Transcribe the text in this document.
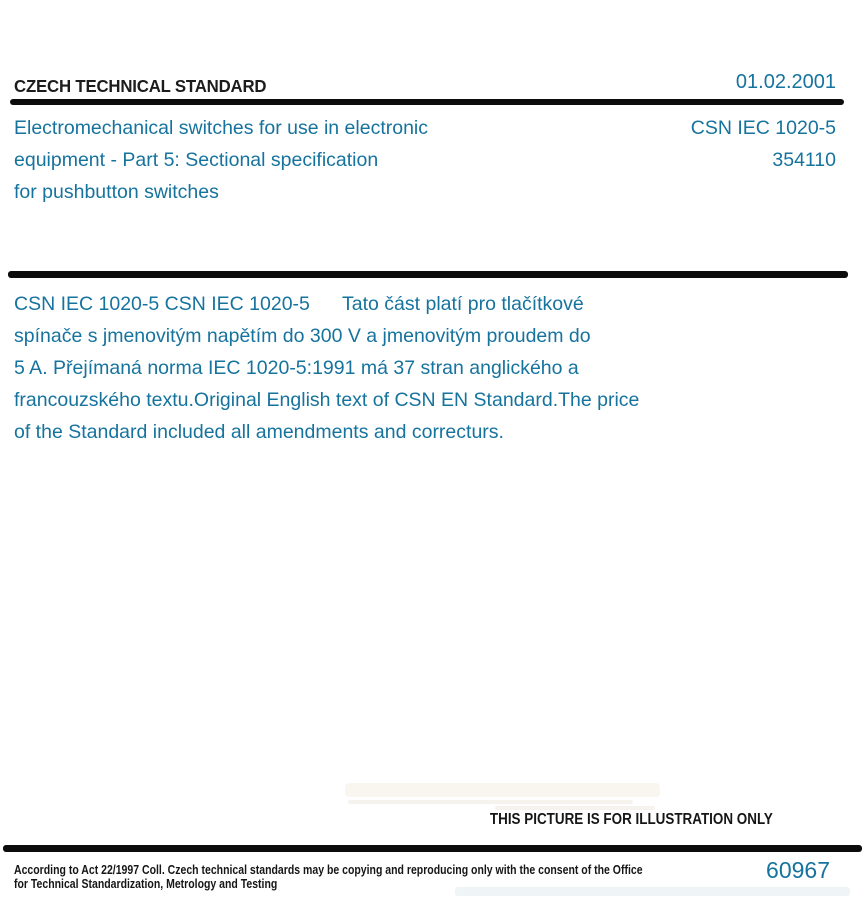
CZECH TECHNICAL STANDARD	01.02.2001
Electromechanical switches for use in electronic
equipment - Part 5: Sectional specification
for pushbutton switches
CSN IEC 1020-5
354110
CSN IEC 1020-5 CSN IEC 1020-5      Tato část platí pro tlačítkové
spínače s jmenovitým napětím do 300 V a jmenovitým proudem do
5 A. Přejímaná norma IEC 1020-5:1991 má 37 stran anglického a
francouzského textu.Original English text of CSN EN Standard.The price
of the Standard included all amendments and correcturs.
THIS PICTURE IS FOR ILLUSTRATION ONLY
According to Act 22/1997 Coll. Czech technical standards may be copying and reproducing only with the consent of the Office
for Technical Standardization, Metrology and Testing
60967
